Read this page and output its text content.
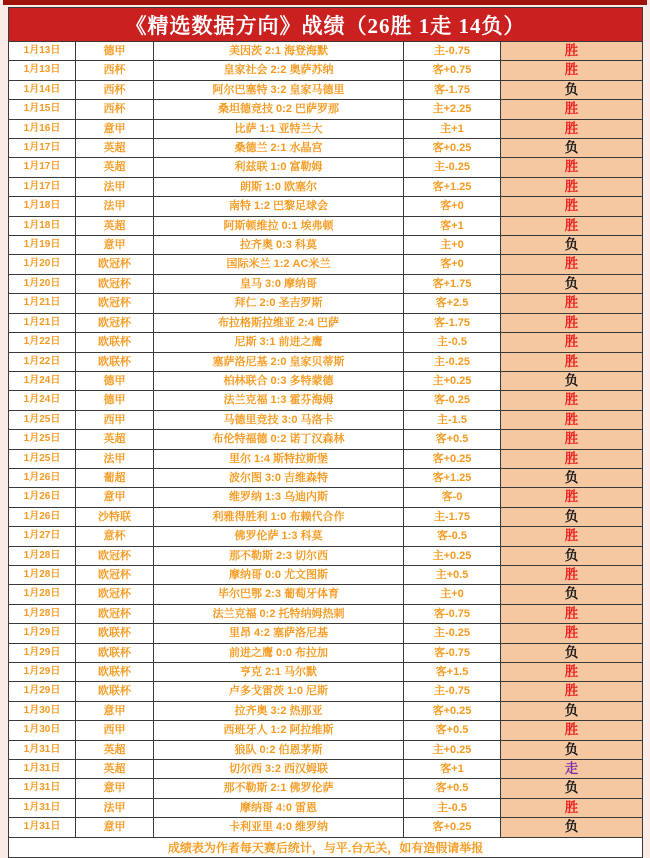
《精选数据方向》战绩（26胜 1走 14负）				
1月13日	德甲	美因茨 2:1 海登海默	主-0.75	胜
1月13日	西杯	皇家社会 2:2 奥萨苏纳	客+0.75	胜
1月14日	西杯	阿尔巴塞特 3:2 皇家马德里	客-1.75	负
1月15日	西杯	桑坦德竞技 0:2 巴萨罗那	主+2.25	胜
1月16日	意甲	比萨 1:1 亚特兰大	主+1	胜
1月17日	英超	桑德兰 2:1 水晶宫	客+0.25	负
1月17日	英超	利兹联 1:0 富勒姆	主-0.25	胜
1月17日	法甲	朗斯 1:0 欧塞尔	客+1.25	胜
1月18日	法甲	南特 1:2 巴黎足球会	客+0	胜
1月18日	英超	阿斯顿维拉 0:1 埃弗顿	客+1	胜
1月19日	意甲	拉齐奥 0:3 科莫	主+0	负
1月20日	欧冠杯	国际米兰 1:2 AC米兰	客+0	胜
1月20日	欧冠杯	皇马 3:0 摩纳哥	客+1.75	负
1月21日	欧冠杯	拜仁 2:0 圣吉罗斯	客+2.5	胜
1月21日	欧冠杯	布拉格斯拉维亚 2:4 巴萨	客-1.75	胜
1月22日	欧联杯	尼斯 3:1 前进之鹰	主-0.5	胜
1月22日	欧联杯	塞萨洛尼基 2:0 皇家贝蒂斯	主-0.25	胜
1月24日	德甲	柏林联合 0:3 多特蒙德	主+0.25	负
1月24日	德甲	法兰克福 1:3 霍芬海姆	客-0.25	胜
1月25日	西甲	马德里竞技 3:0 马洛卡	主-1.5	胜
1月25日	英超	布伦特福德 0:2 诺丁汉森林	客+0.5	胜
1月25日	法甲	里尔 1:4 斯特拉斯堡	客+0.25	胜
1月26日	葡超	波尔图 3:0 吉维森特	客+1.25	负
1月26日	意甲	维罗纳 1:3 乌迪内斯	客-0	胜
1月26日	沙特联	利雅得胜利 1:0 布赖代合作	主-1.75	负
1月27日	意杯	佛罗伦萨 1:3 科莫	客-0.5	胜
1月28日	欧冠杯	那不勒斯 2:3 切尔西	主+0.25	负
1月28日	欧冠杯	摩纳哥 0:0 尤文图斯	主+0.5	胜
1月28日	欧冠杯	毕尔巴鄂 2:3 葡萄牙体育	主+0	负
1月28日	欧冠杯	法兰克福 0:2 托特纳姆热刺	客-0.75	胜
1月29日	欧联杯	里昂 4:2 塞萨洛尼基	主-0.25	胜
1月29日	欧联杯	前进之鹰 0:0 布拉加	客-0.75	负
1月29日	欧联杯	亨克 2:1 马尔默	客+1.5	胜
1月29日	欧联杯	卢多戈雷茨 1:0 尼斯	主-0.75	胜
1月30日	意甲	拉齐奥 3:2 热那亚	客+0.25	负
1月30日	西甲	西班牙人 1:2 阿拉维斯	客+0.5	胜
1月31日	英超	狼队 0:2 伯恩茅斯	主+0.25	负
1月31日	英超	切尔西 3:2 西汉姆联	客+1	走
1月31日	意甲	那不勒斯 2:1 佛罗伦萨	客+0.5	负
1月31日	法甲	摩纳哥 4:0 雷恩	主-0.5	胜
1月31日	意甲	卡利亚里 4:0 维罗纳	客+0.25	负
成绩表为作者每天赛后统计，与平.台无关，如有造假请举报				
